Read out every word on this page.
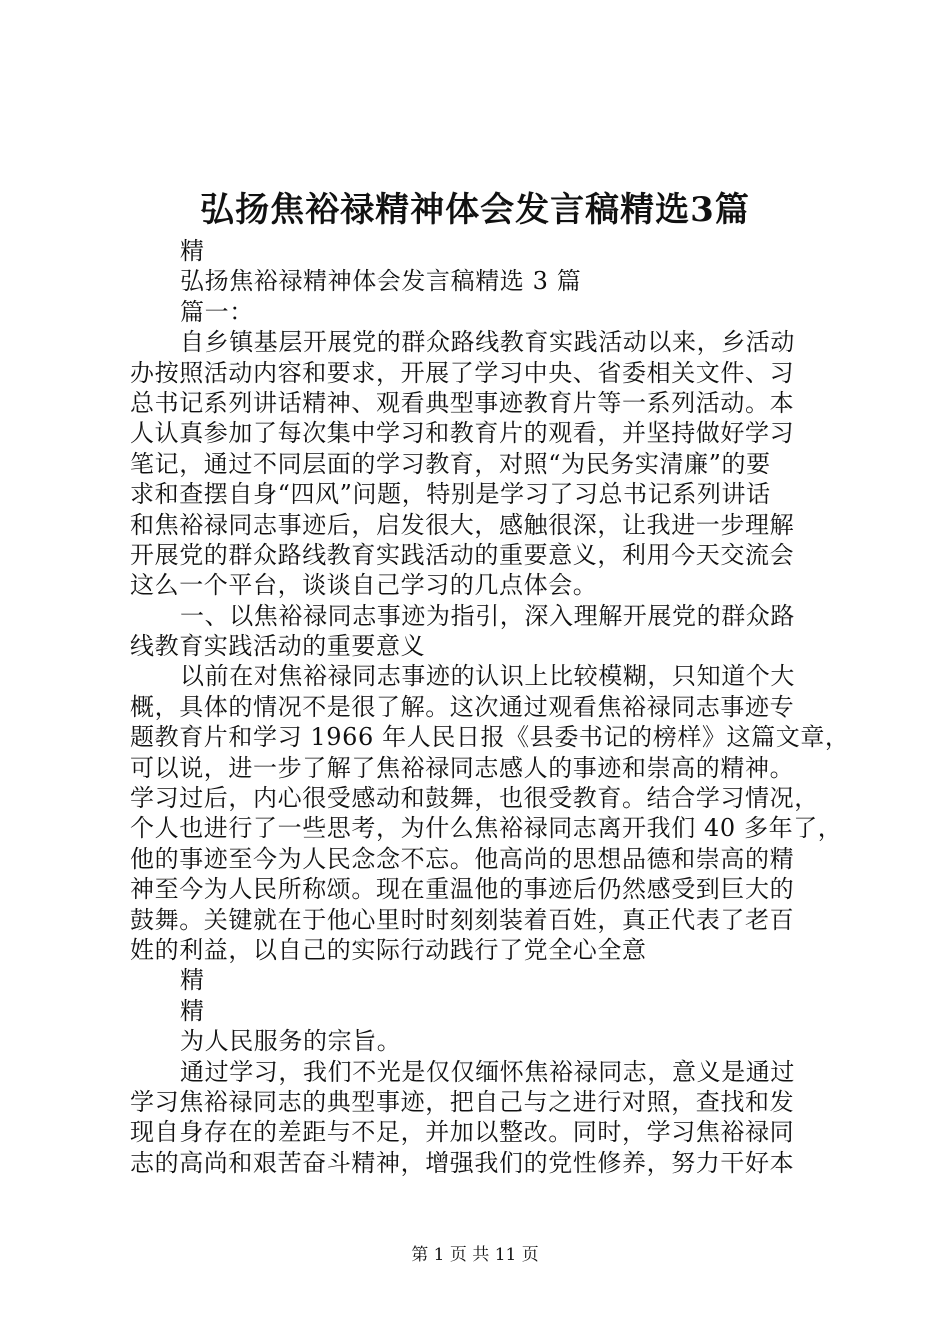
弘扬焦裕禄精神体会发言稿精选3篇
精
弘扬焦裕禄精神体会发言稿精选 3 篇
篇一：
自乡镇基层开展党的群众路线教育实践活动以来，乡活动
办按照活动内容和要求，开展了学习中央、省委相关文件、习
总书记系列讲话精神、观看典型事迹教育片等一系列活动。本
人认真参加了每次集中学习和教育片的观看，并坚持做好学习
笔记，通过不同层面的学习教育，对照“为民务实清廉”的要
求和查摆自身“四风”问题，特别是学习了习总书记系列讲话
和焦裕禄同志事迹后，启发很大，感触很深，让我进一步理解
开展党的群众路线教育实践活动的重要意义，利用今天交流会
这么一个平台，谈谈自己学习的几点体会。
一、以焦裕禄同志事迹为指引，深入理解开展党的群众路
线教育实践活动的重要意义
以前在对焦裕禄同志事迹的认识上比较模糊，只知道个大
概，具体的情况不是很了解。这次通过观看焦裕禄同志事迹专
题教育片和学习 1966 年人民日报《县委书记的榜样》这篇文章，
可以说，进一步了解了焦裕禄同志感人的事迹和崇高的精神。
学习过后，内心很受感动和鼓舞，也很受教育。结合学习情况，
个人也进行了一些思考，为什么焦裕禄同志离开我们 40 多年了，
他的事迹至今为人民念念不忘。他高尚的思想品德和崇高的精
神至今为人民所称颂。现在重温他的事迹后仍然感受到巨大的
鼓舞。关键就在于他心里时时刻刻装着百姓，真正代表了老百
姓的利益，以自己的实际行动践行了党全心全意
精
精
为人民服务的宗旨。
通过学习，我们不光是仅仅缅怀焦裕禄同志，意义是通过
学习焦裕禄同志的典型事迹，把自己与之进行对照，查找和发
现自身存在的差距与不足，并加以整改。同时，学习焦裕禄同
志的高尚和艰苦奋斗精神，增强我们的党性修养，努力干好本
第 1 页 共 11 页
